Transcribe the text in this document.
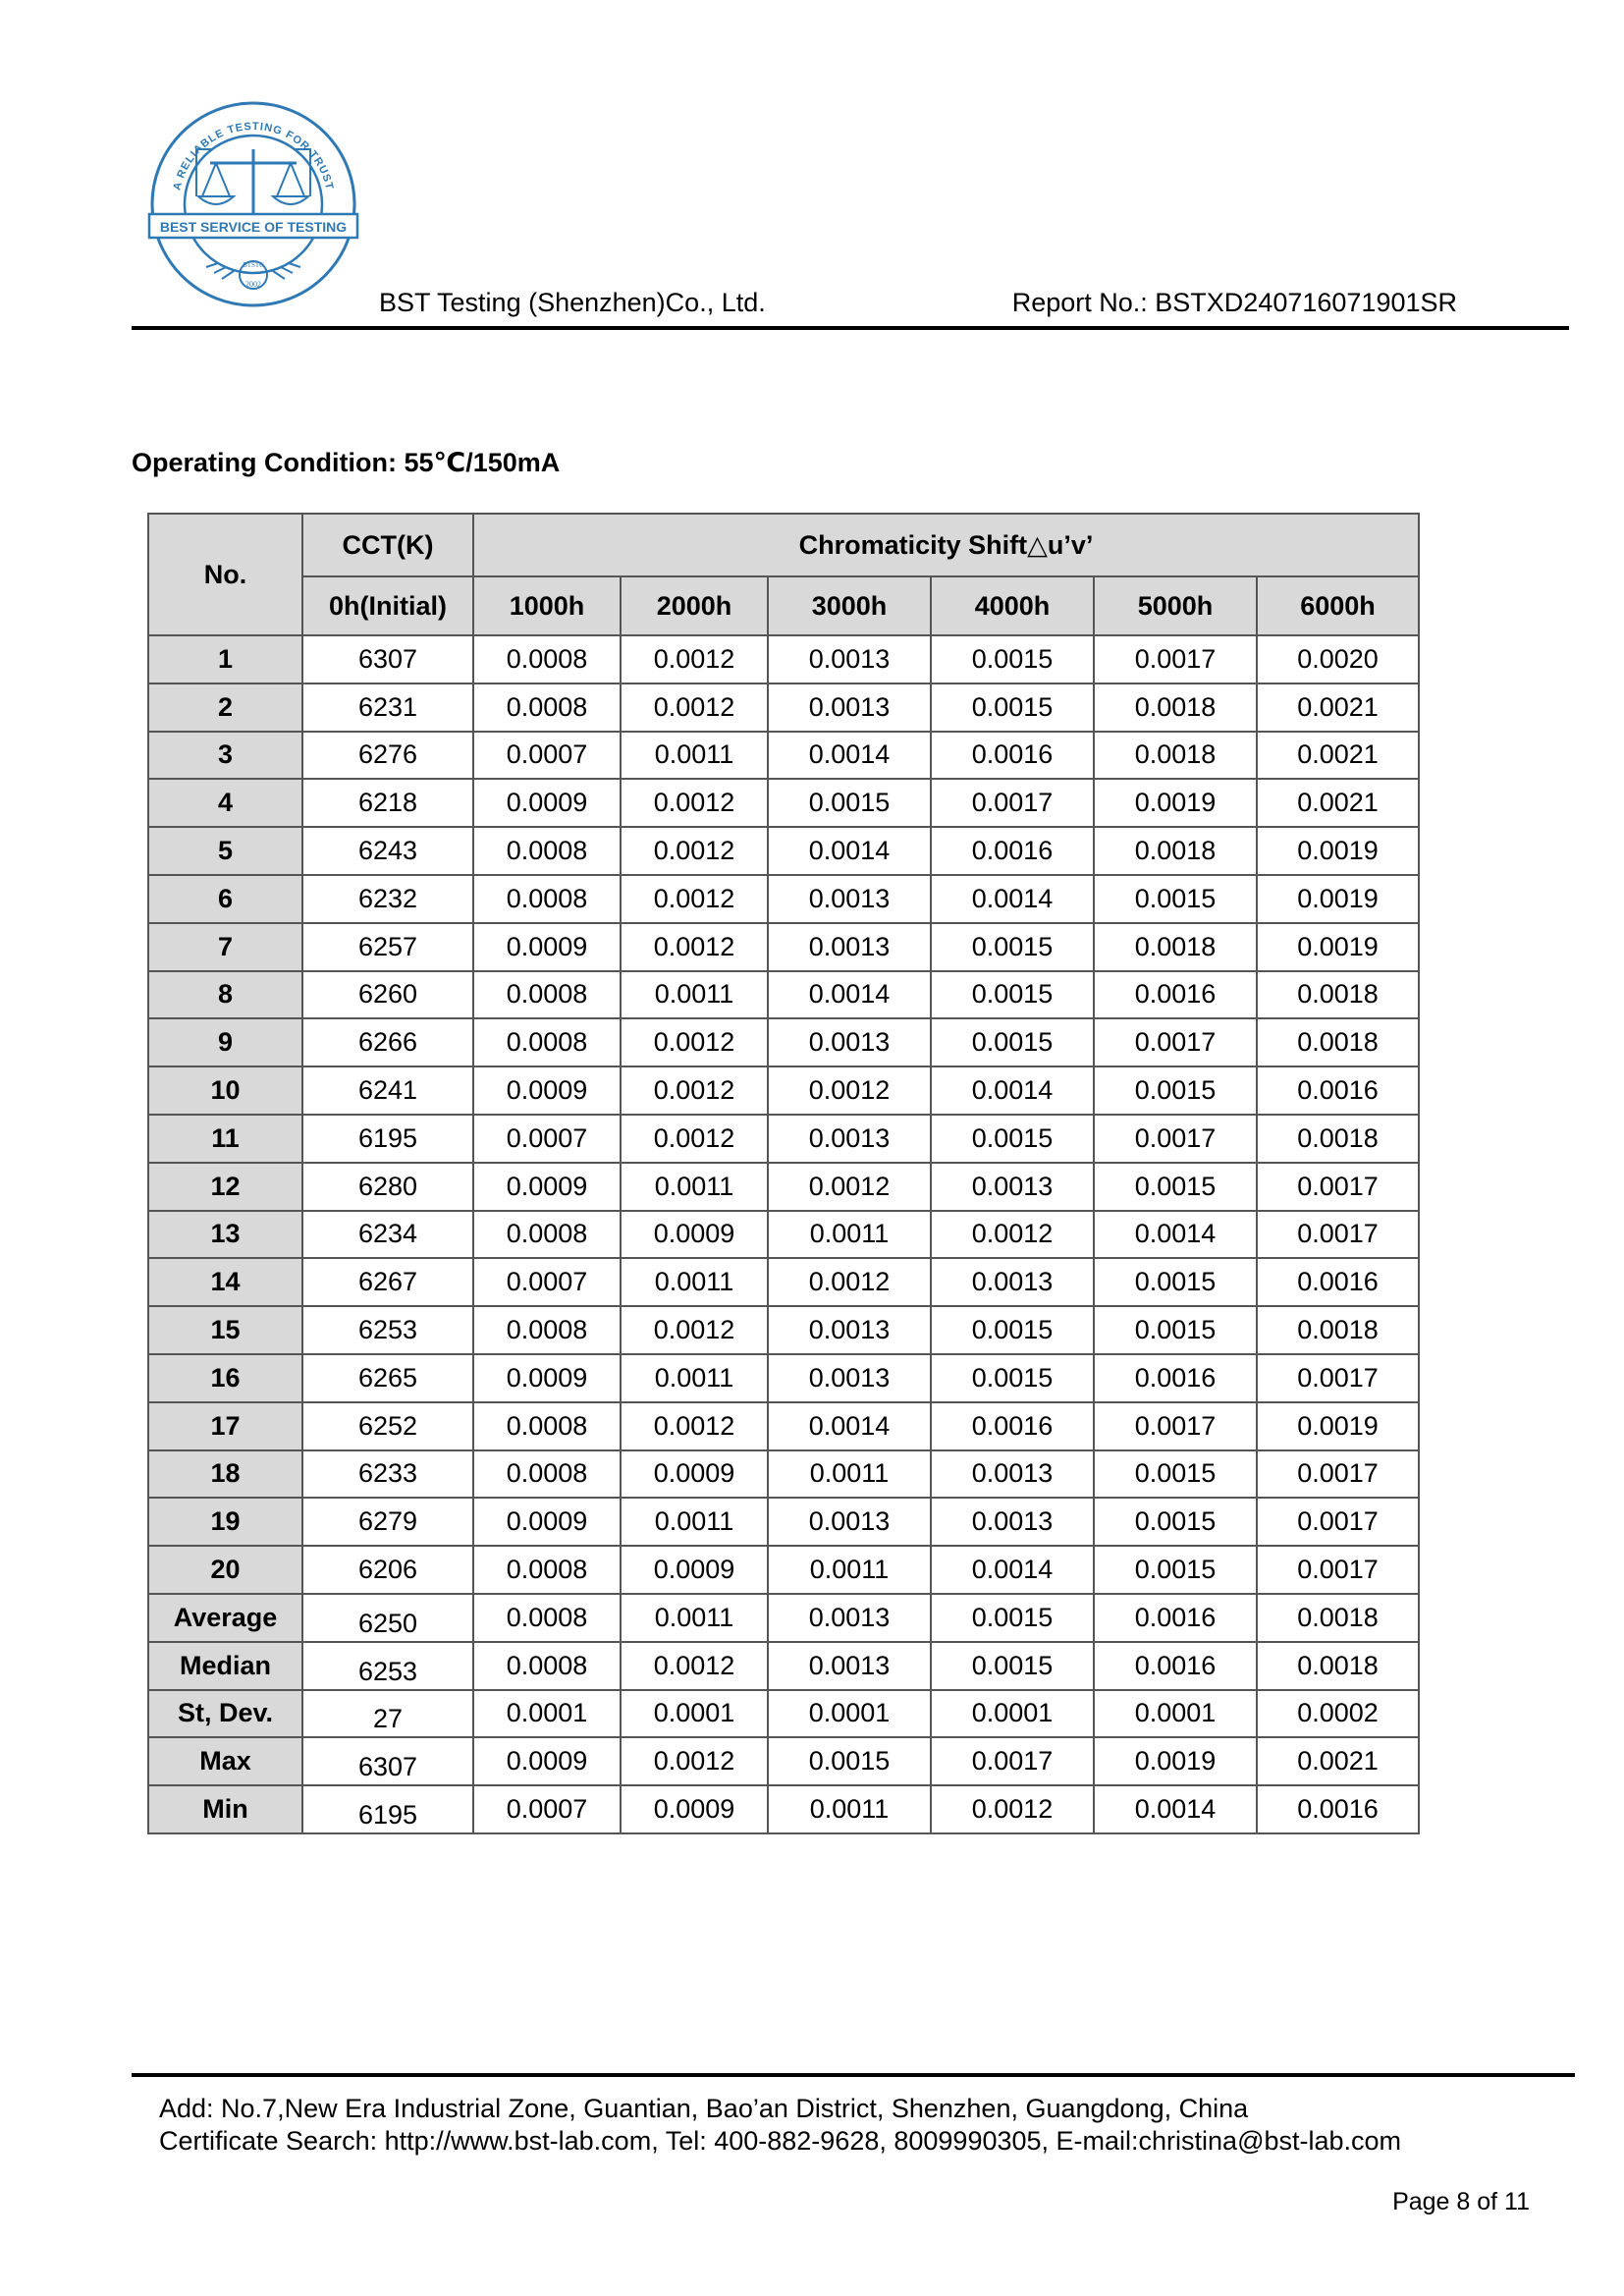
BEST SERVICE OF TESTING
A RELIABLE TESTING FOR TRUST
BTSTC
2002
BST Testing (Shenzhen)Co., Ltd.	Report No.: BSTXD240716071901SR
Operating Condition: 55℃/150mA
No.	CCT(K)	Chromaticity Shift△u’v’					
	0h(Initial)	1000h	2000h	3000h	4000h	5000h	6000h
1	6307	0.0008	0.0012	0.0013	0.0015	0.0017	0.0020
2	6231	0.0008	0.0012	0.0013	0.0015	0.0018	0.0021
3	6276	0.0007	0.0011	0.0014	0.0016	0.0018	0.0021
4	6218	0.0009	0.0012	0.0015	0.0017	0.0019	0.0021
5	6243	0.0008	0.0012	0.0014	0.0016	0.0018	0.0019
6	6232	0.0008	0.0012	0.0013	0.0014	0.0015	0.0019
7	6257	0.0009	0.0012	0.0013	0.0015	0.0018	0.0019
8	6260	0.0008	0.0011	0.0014	0.0015	0.0016	0.0018
9	6266	0.0008	0.0012	0.0013	0.0015	0.0017	0.0018
10	6241	0.0009	0.0012	0.0012	0.0014	0.0015	0.0016
11	6195	0.0007	0.0012	0.0013	0.0015	0.0017	0.0018
12	6280	0.0009	0.0011	0.0012	0.0013	0.0015	0.0017
13	6234	0.0008	0.0009	0.0011	0.0012	0.0014	0.0017
14	6267	0.0007	0.0011	0.0012	0.0013	0.0015	0.0016
15	6253	0.0008	0.0012	0.0013	0.0015	0.0015	0.0018
16	6265	0.0009	0.0011	0.0013	0.0015	0.0016	0.0017
17	6252	0.0008	0.0012	0.0014	0.0016	0.0017	0.0019
18	6233	0.0008	0.0009	0.0011	0.0013	0.0015	0.0017
19	6279	0.0009	0.0011	0.0013	0.0013	0.0015	0.0017
20	6206	0.0008	0.0009	0.0011	0.0014	0.0015	0.0017
Average	6250	0.0008	0.0011	0.0013	0.0015	0.0016	0.0018
Median	6253	0.0008	0.0012	0.0013	0.0015	0.0016	0.0018
St, Dev.	27	0.0001	0.0001	0.0001	0.0001	0.0001	0.0002
Max	6307	0.0009	0.0012	0.0015	0.0017	0.0019	0.0021
Min	6195	0.0007	0.0009	0.0011	0.0012	0.0014	0.0016
Add: No.7,New Era Industrial Zone, Guantian, Bao’an District, Shenzhen, Guangdong, China
Certificate Search: http://www.bst-lab.com, Tel: 400-882-9628, 8009990305, E-mail:christina@bst-lab.com
Page 8 of 11
